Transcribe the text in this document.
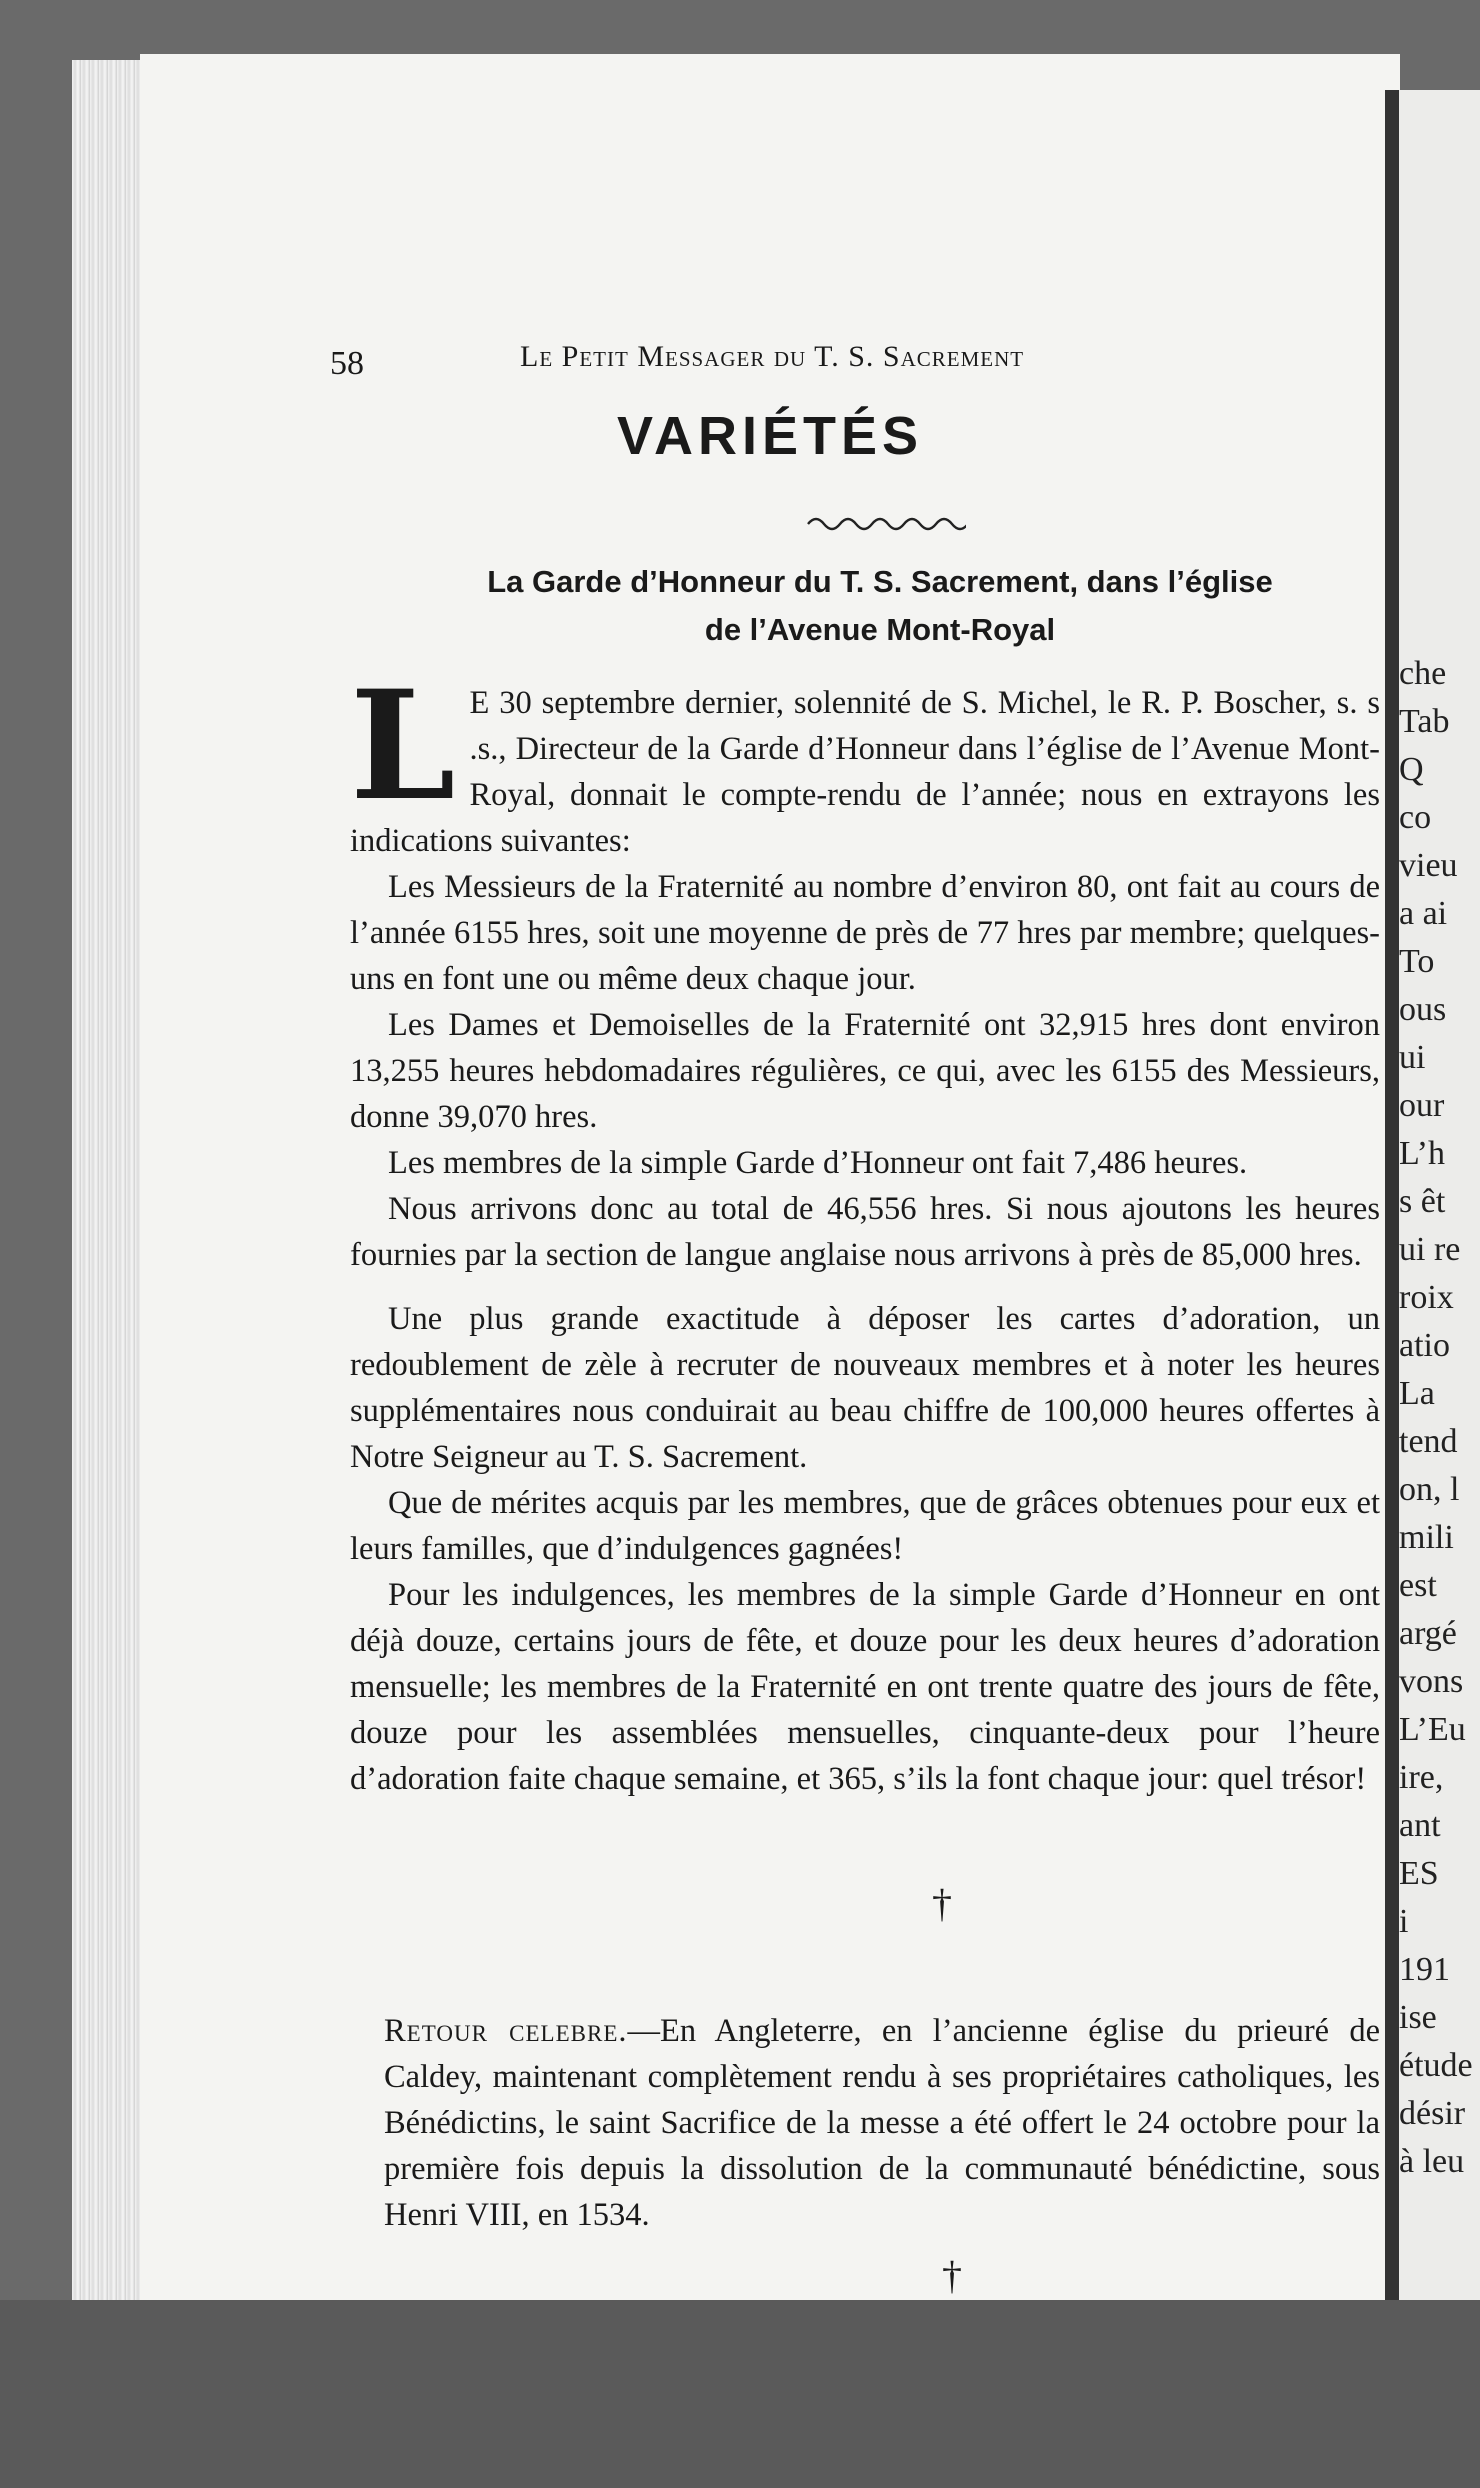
che
Tab
Q
co
vieu
a ai
To
ous
ui
our
L’h
s êt
ui re
roix
atio
La
tend
on, l
mili
est
argé
vons
L’Eu
ire,
ant
ES
i
191
ise
étude
désir
à leu
58	Le Petit Messager du T. S. Sacrement
VARIÉTÉS
La Garde d’Honneur du T. S. Sacrement, dans l’église
de l’Avenue Mont-Royal

L E 30 septembre dernier, solennité de S. Michel, le R. P. Boscher, s. s .s., Directeur de la Garde d’Honneur dans l’église de l’Avenue Mont-Royal, donnait le compte-rendu de l’année; nous en extrayons les indications suivantes:

Les Messieurs de la Fraternité au nombre d’environ 80, ont fait au cours de l’année 6155 hres, soit une moyenne de près de 77 hres par membre; quelques-uns en font une ou même deux chaque jour.

Les Dames et Demoiselles de la Fraternité ont 32,915 hres dont environ 13,255 heures hebdomadaires régulières, ce qui, avec les 6155 des Messieurs, donne 39,070 hres.

Les membres de la simple Garde d’Honneur ont fait 7,486 heures.

Nous arrivons donc au total de 46,556 hres. Si nous ajoutons les heures fournies par la section de langue anglaise nous arrivons à près de 85,000 hres.

Une plus grande exactitude à déposer les cartes d’adoration, un redoublement de zèle à recruter de nouveaux membres et à noter les heures supplémentaires nous conduirait au beau chiffre de 100,000 heures offertes à Notre Seigneur au T. S. Sacrement.

Que de mérites acquis par les membres, que de grâces obtenues pour eux et leurs familles, que d’indulgences gagnées!

Pour les indulgences, les membres de la simple Garde d’Honneur en ont déjà douze, certains jours de fête, et douze pour les deux heures d’adoration mensuelle; les membres de la Fraternité en ont trente quatre des jours de fête, douze pour les assemblées mensuelles, cinquante-deux pour l’heure d’adoration faite chaque semaine, et 365, s’ils la font chaque jour: quel trésor!

†
Retour celebre.—En Angleterre, en l’ancienne église du prieuré de Caldey, maintenant complètement rendu à ses propriétaires catholiques, les Bénédictins, le saint Sacrifice de la messe a été offert le 24 octobre pour la première fois depuis la dissolution de la communauté bénédictine, sous Henri VIII, en 1534.
†
